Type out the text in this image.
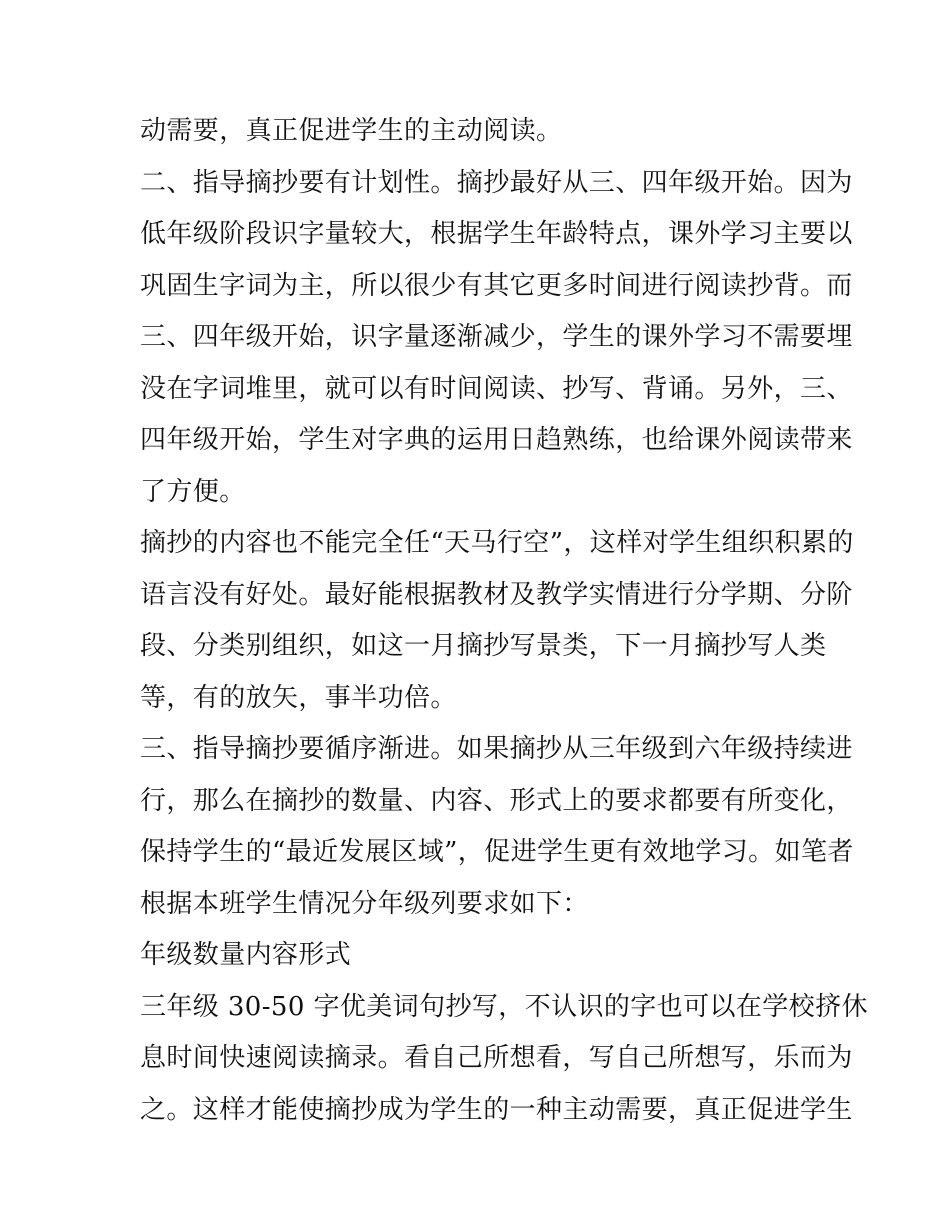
动需要，真正促进学生的主动阅读。
二、指导摘抄要有计划性。摘抄最好从三、四年级开始。因为
低年级阶段识字量较大，根据学生年龄特点，课外学习主要以
巩固生字词为主，所以很少有其它更多时间进行阅读抄背。而
三、四年级开始，识字量逐渐减少，学生的课外学习不需要埋
没在字词堆里，就可以有时间阅读、抄写、背诵。另外，三、
四年级开始，学生对字典的运用日趋熟练，也给课外阅读带来
了方便。
摘抄的内容也不能完全任“天马行空”，这样对学生组织积累的
语言没有好处。最好能根据教材及教学实情进行分学期、分阶
段、分类别组织，如这一月摘抄写景类，下一月摘抄写人类
等，有的放矢，事半功倍。
三、指导摘抄要循序渐进。如果摘抄从三年级到六年级持续进
行，那么在摘抄的数量、内容、形式上的要求都要有所变化，
保持学生的“最近发展区域”，促进学生更有效地学习。如笔者
根据本班学生情况分年级列要求如下：
年级数量内容形式
三年级 30-50 字优美词句抄写，不认识的字也可以在学校挤休
息时间快速阅读摘录。看自己所想看，写自己所想写，乐而为
之。这样才能使摘抄成为学生的一种主动需要，真正促进学生
